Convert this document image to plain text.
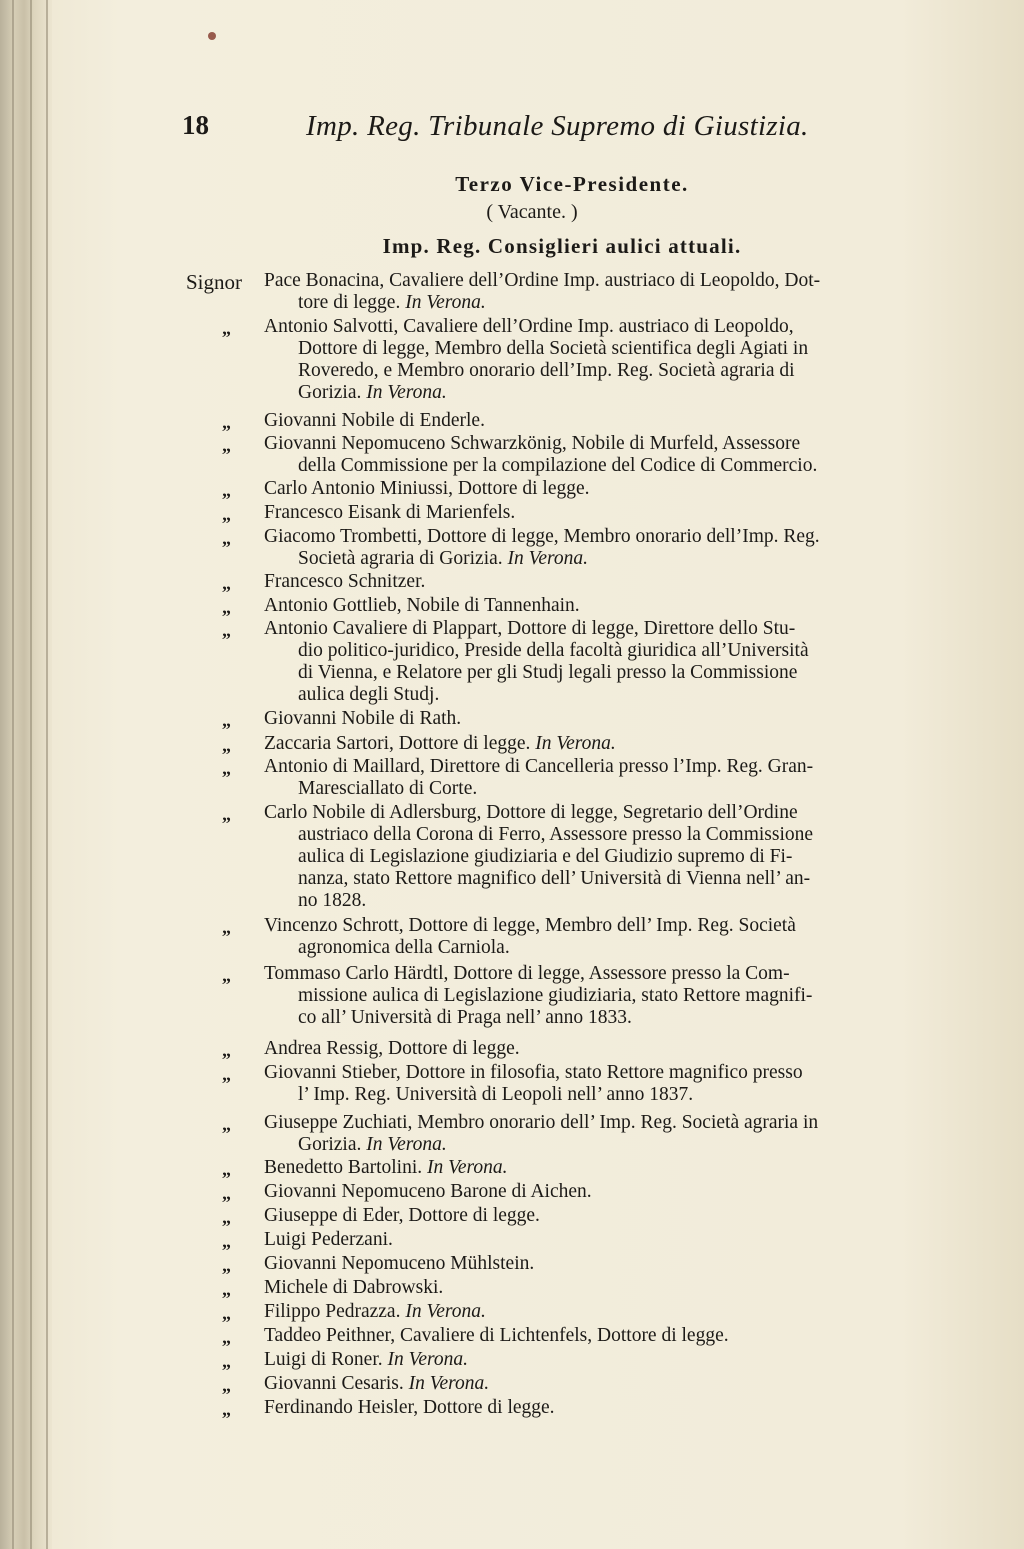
18	Imp. Reg. Tribunale Supremo di Giustizia.
Terzo Vice-Presidente.
( Vacante. )
Imp. Reg. Consiglieri aulici attuali.
Signor Pace Bonacina, Cavaliere dell’Ordine Imp. austriaco di Leopoldo, Dot-
tore di legge. In Verona.
„ Antonio Salvotti, Cavaliere dell’Ordine Imp. austriaco di Leopoldo,
Dottore di legge, Membro della Società scientifica degli Agiati in
Roveredo, e Membro onorario dell’Imp. Reg. Società agraria di
Gorizia. In Verona.
„ Giovanni Nobile di Enderle.
„ Giovanni Nepomuceno Schwarzkönig, Nobile di Murfeld, Assessore
della Commissione per la compilazione del Codice di Commercio.
„ Carlo Antonio Miniussi, Dottore di legge.
„ Francesco Eisank di Marienfels.
„ Giacomo Trombetti, Dottore di legge, Membro onorario dell’Imp. Reg.
Società agraria di Gorizia. In Verona.
„ Francesco Schnitzer.
„ Antonio Gottlieb, Nobile di Tannenhain.
„ Antonio Cavaliere di Plappart, Dottore di legge, Direttore dello Stu-
dio politico-juridico, Preside della facoltà giuridica all’Università
di Vienna, e Relatore per gli Studj legali presso la Commissione
aulica degli Studj.
„ Giovanni Nobile di Rath.
„ Zaccaria Sartori, Dottore di legge. In Verona.
„ Antonio di Maillard, Direttore di Cancelleria presso l’Imp. Reg. Gran-
Maresciallato di Corte.
„ Carlo Nobile di Adlersburg, Dottore di legge, Segretario dell’Ordine
austriaco della Corona di Ferro, Assessore presso la Commissione
aulica di Legislazione giudiziaria e del Giudizio supremo di Fi-
nanza, stato Rettore magnifico dell’ Università di Vienna nell’ an-
no 1828.
„ Vincenzo Schrott, Dottore di legge, Membro dell’ Imp. Reg. Società
agronomica della Carniola.
„ Tommaso Carlo Härdtl, Dottore di legge, Assessore presso la Com-
missione aulica di Legislazione giudiziaria, stato Rettore magnifi-
co all’ Università di Praga nell’ anno 1833.
„ Andrea Ressig, Dottore di legge.
„ Giovanni Stieber, Dottore in filosofia, stato Rettore magnifico presso
l’ Imp. Reg. Università di Leopoli nell’ anno 1837.
„ Giuseppe Zuchiati, Membro onorario dell’ Imp. Reg. Società agraria in
Gorizia. In Verona.
„ Benedetto Bartolini. In Verona.
„ Giovanni Nepomuceno Barone di Aichen.
„ Giuseppe di Eder, Dottore di legge.
„ Luigi Pederzani.
„ Giovanni Nepomuceno Mühlstein.
„ Michele di Dabrowski.
„ Filippo Pedrazza. In Verona.
„ Taddeo Peithner, Cavaliere di Lichtenfels, Dottore di legge.
„ Luigi di Roner. In Verona.
„ Giovanni Cesaris. In Verona.
„ Ferdinando Heisler, Dottore di legge.
